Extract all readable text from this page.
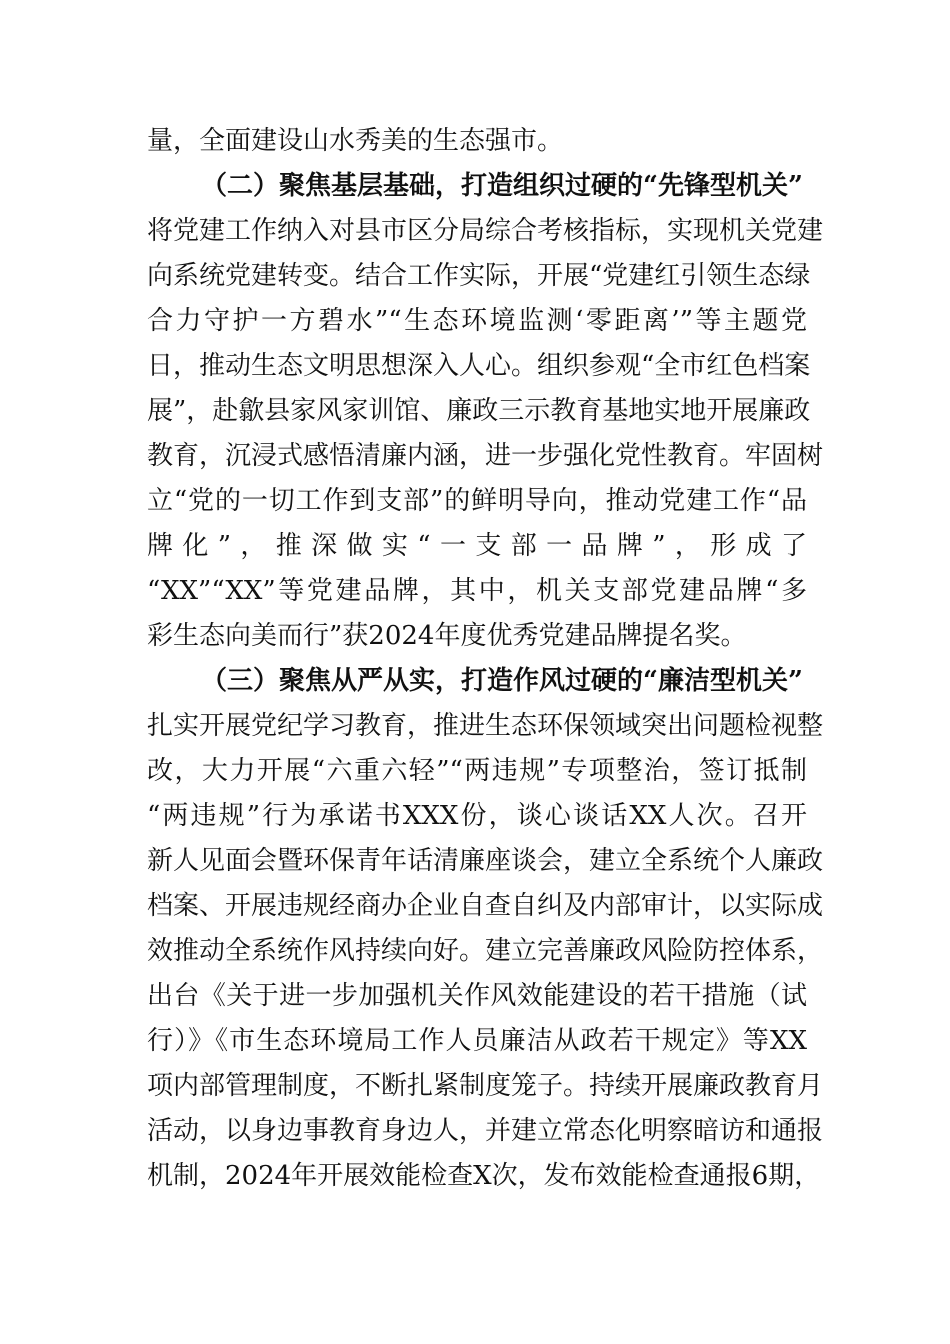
量，全面建设山水秀美的生态强市。
（二）聚焦基层基础，打造组织过硬的“先锋型机关”
将党建工作纳入对县市区分局综合考核指标，实现机关党建
向系统党建转变。结合工作实际，开展“党建红引领生态绿
合力守护一方碧水”“生态环境监测‘零距离’”等主题党
日，推动生态文明思想深入人心。组织参观“全市红色档案
展”，赴歙县家风家训馆、廉政三示教育基地实地开展廉政
教育，沉浸式感悟清廉内涵，进一步强化党性教育。牢固树
立“党的一切工作到支部”的鲜明导向，推动党建工作“品
牌化”，推深做实“一支部一品牌”，形成了
“XX”“XX”等党建品牌，其中，机关支部党建品牌“多
彩生态向美而行”获2024年度优秀党建品牌提名奖。
（三）聚焦从严从实，打造作风过硬的“廉洁型机关”
扎实开展党纪学习教育，推进生态环保领域突出问题检视整
改，大力开展“六重六轻”“两违规”专项整治，签订抵制
“两违规”行为承诺书XXX份，谈心谈话XX人次。召开
新人见面会暨环保青年话清廉座谈会，建立全系统个人廉政
档案、开展违规经商办企业自查自纠及内部审计，以实际成
效推动全系统作风持续向好。建立完善廉政风险防控体系，
出台《关于进一步加强机关作风效能建设的若干措施（试
行）》《市生态环境局工作人员廉洁从政若干规定》等XX
项内部管理制度，不断扎紧制度笼子。持续开展廉政教育月
活动，以身边事教育身边人，并建立常态化明察暗访和通报
机制，2024年开展效能检查X次，发布效能检查通报6期，
